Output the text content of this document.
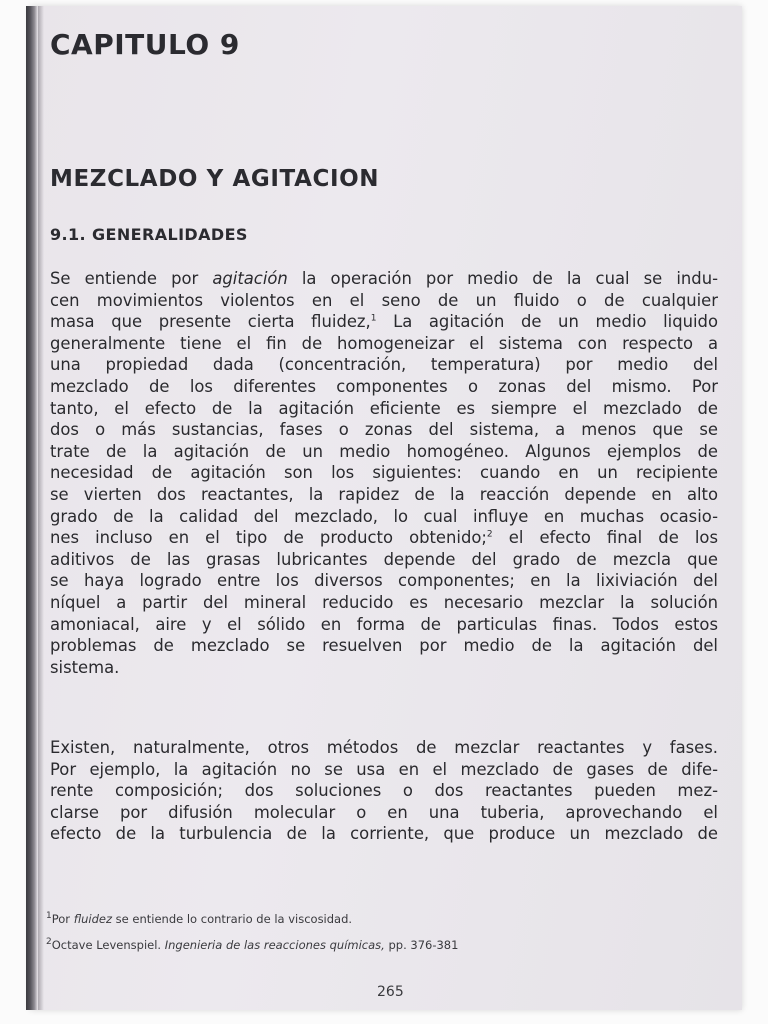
CAPITULO 9
MEZCLADO Y AGITACION
9.1. GENERALIDADES
Se entiende por agitación la operación por medio de la cual se indu-
cen movimientos violentos en el seno de un fluido o de cualquier
masa que presente cierta fluidez,$^1$ La agitación de un medio liquido
generalmente tiene el fin de homogeneizar el sistema con respecto a
una propiedad dada (concentración, temperatura) por medio del
mezclado de los diferentes componentes o zonas del mismo. Por
tanto, el efecto de la agitación eficiente es siempre el mezclado de
dos o más sustancias, fases o zonas del sistema, a menos que se
trate de la agitación de un medio homogéneo. Algunos ejemplos de
necesidad de agitación son los siguientes: cuando en un recipiente
se vierten dos reactantes, la rapidez de la reacción depende en alto
grado de la calidad del mezclado, lo cual influye en muchas ocasio-
nes incluso en el tipo de producto obtenido;$^2$ el efecto final de los
aditivos de las grasas lubricantes depende del grado de mezcla que
se haya logrado entre los diversos componentes; en la lixiviación del
níquel a partir del mineral reducido es necesario mezclar la solución
amoniacal, aire y el sólido en forma de particulas finas. Todos estos
problemas de mezclado se resuelven por medio de la agitación del
sistema.
Existen, naturalmente, otros métodos de mezclar reactantes y fases.
Por ejemplo, la agitación no se usa en el mezclado de gases de dife-
rente composición; dos soluciones o dos reactantes pueden mez-
clarse por difusión molecular o en una tuberia, aprovechando el
efecto de la turbulencia de la corriente, que produce un mezclado de
$^1$Por fluidez se entiende lo contrario de la viscosidad.
$^2$Octave Levenspiel. Ingenieria de las reacciones químicas, pp. 376-381
265
